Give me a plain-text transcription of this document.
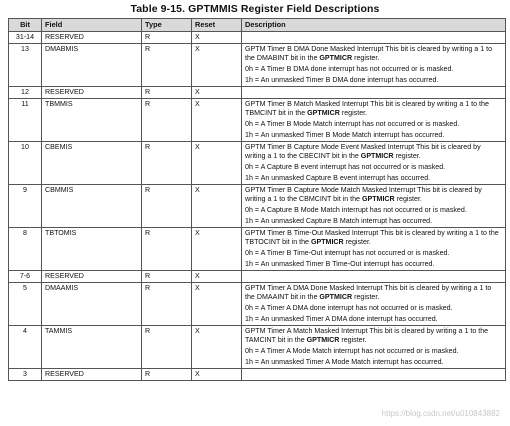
Table 9-15. GPTMMIS Register Field Descriptions
Bit	Field	Type	Reset	Description
31-14	RESERVED	R	X	
13	DMABMIS	R	X	GPTM Timer B DMA Done Masked Interrupt This bit is cleared by writing a 1 to the DMABINT bit in the GPTMICR register.
0h = A Timer B DMA done interrupt has not occurred or is masked.
1h = An unmasked Timer B DMA done interrupt has occurred.

12	RESERVED	R	X	
11	TBMMIS	R	X	GPTM Timer B Match Masked Interrupt This bit is cleared by writing a 1 to the TBMCINT bit in the GPTMICR register.
0h = A Timer B Mode Match interrupt has not occurred or is masked.
1h = An unmasked Timer B Mode Match interrupt has occurred.

10	CBEMIS	R	X	GPTM Timer B Capture Mode Event Masked Interrupt This bit is cleared by writing a 1 to the CBECINT bit in the GPTMICR register.
0h = A Capture B event interrupt has not occurred or is masked.
1h = An unmasked Capture B event interrupt has occurred.

9	CBMMIS	R	X	GPTM Timer B Capture Mode Match Masked Interrupt This bit is cleared by writing a 1 to the CBMCINT bit in the GPTMICR register.
0h = A Capture B Mode Match interrupt has not occurred or is masked.
1h = An unmasked Capture B Match interrupt has occurred.

8	TBTOMIS	R	X	GPTM Timer B Time-Out Masked Interrupt This bit is cleared by writing a 1 to the TBTOCINT bit in the GPTMICR register.
0h = A Timer B Time-Out interrupt has not occurred or is masked.
1h = An unmasked Timer B Time-Out interrupt has occurred.

7-6	RESERVED	R	X	
5	DMAAMIS	R	X	GPTM Timer A DMA Done Masked Interrupt This bit is cleared by writing a 1 to the DMAAINT bit in the GPTMICR register.
0h = A Timer A DMA done interrupt has not occurred or is masked.
1h = An unmasked Timer A DMA done interrupt has occurred.

4	TAMMIS	R	X	GPTM Timer A Match Masked Interrupt This bit is cleared by writing a 1 to the TAMCINT bit in the GPTMICR register.
0h = A Timer A Mode Match interrupt has not occurred or is masked.
1h = An unmasked Timer A Mode Match interrupt has occurred.

3	RESERVED	R	X	
https://blog.csdn.net/u010843882
